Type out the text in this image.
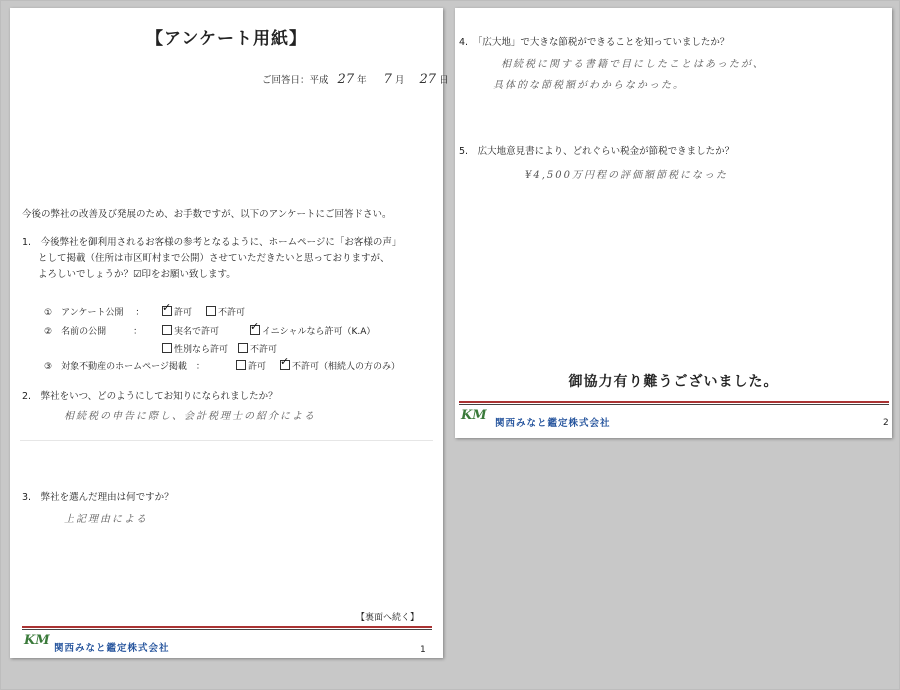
【アンケート用紙】
ご回答日：平成 27 年 7 月 27 日
今後の弊社の改善及び発展のため、お手数ですが、以下のアンケートにご回答ドさい。
1.　今後弊社を御利用されるお客様の参考となるように、ホームページに「お客様の声」
として掲載（住所は市区町村まで公開）させていただきたいと思っておりますが、
よろしいでしょうか？☑印をお願い致します。
①　アンケート公開　 ： ✓	許可	不許可
②　名前の公開　　　：	実名で許可 ✓	イニシャルなら許可（K.A）
性別なら許可	不許可
③　対象不動産のホームページ掲載　：	許可 ✓	不許可（相続人の方のみ）
2.　弊社をいつ、どのようにしてお知りになられましたか？
相続税の申告に際し、会計税理士の紹介による
3.　弊社を選んだ理由は何ですか？
上記理由による
【裏面へ続く】
KM
関西みなと鑑定株式会社	1
4.　「広大地」で大きな節税ができることを知っていましたか？
相続税に関する書籍で目にしたことはあったが、
具体的な節税額がわからなかった。
5.　広大地意見書により、どれぐらい税金が節税できましたか？
¥4,500万円程の評価額節税になった
御協力有り難うございました。
KM
関西みなと鑑定株式会社	2
